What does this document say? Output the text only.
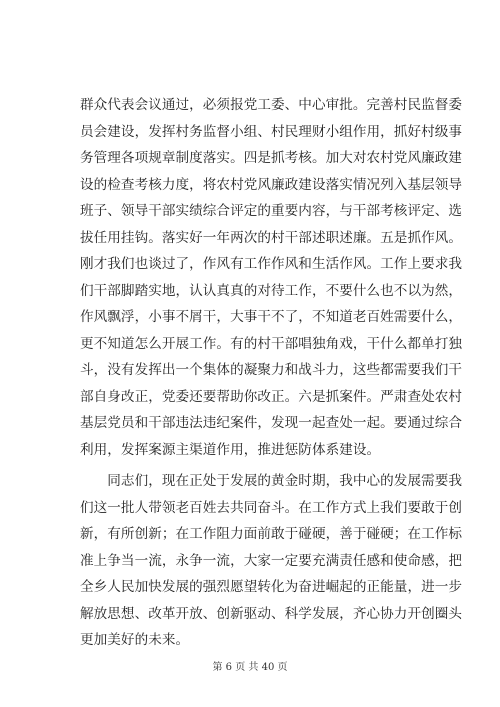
群众代表会议通过，必须报党工委、中心审批。完善村民监督委
员会建设，发挥村务监督小组、村民理财小组作用，抓好村级事
务管理各项规章制度落实。四是抓考核。加大对农村党风廉政建
设的检查考核力度，将农村党风廉政建设落实情况列入基层领导
班子、领导干部实绩综合评定的重要内容，与干部考核评定、选
拔任用挂钩。落实好一年两次的村干部述职述廉。五是抓作风。
刚才我们也谈过了，作风有工作作风和生活作风。工作上要求我
们干部脚踏实地，认认真真的对待工作，不要什么也不以为然，
作风飘浮，小事不屑干，大事干不了，不知道老百姓需要什么，
更不知道怎么开展工作。有的村干部唱独角戏，干什么都单打独
斗，没有发挥出一个集体的凝聚力和战斗力，这些都需要我们干
部自身改正，党委还要帮助你改正。六是抓案件。严肃查处农村
基层党员和干部违法违纪案件，发现一起查处一起。要通过综合
利用，发挥案源主渠道作用，推进惩防体系建设。
　　同志们，现在正处于发展的黄金时期，我中心的发展需要我
们这一批人带领老百姓去共同奋斗。在工作方式上我们要敢于创
新，有所创新；在工作阻力面前敢于碰硬，善于碰硬；在工作标
准上争当一流，永争一流，大家一定要充满责任感和使命感，把
全乡人民加快发展的强烈愿望转化为奋进崛起的正能量，进一步
解放思想、改革开放、创新驱动、科学发展，齐心协力开创圈头
更加美好的未来。
第 6 页 共 40 页
